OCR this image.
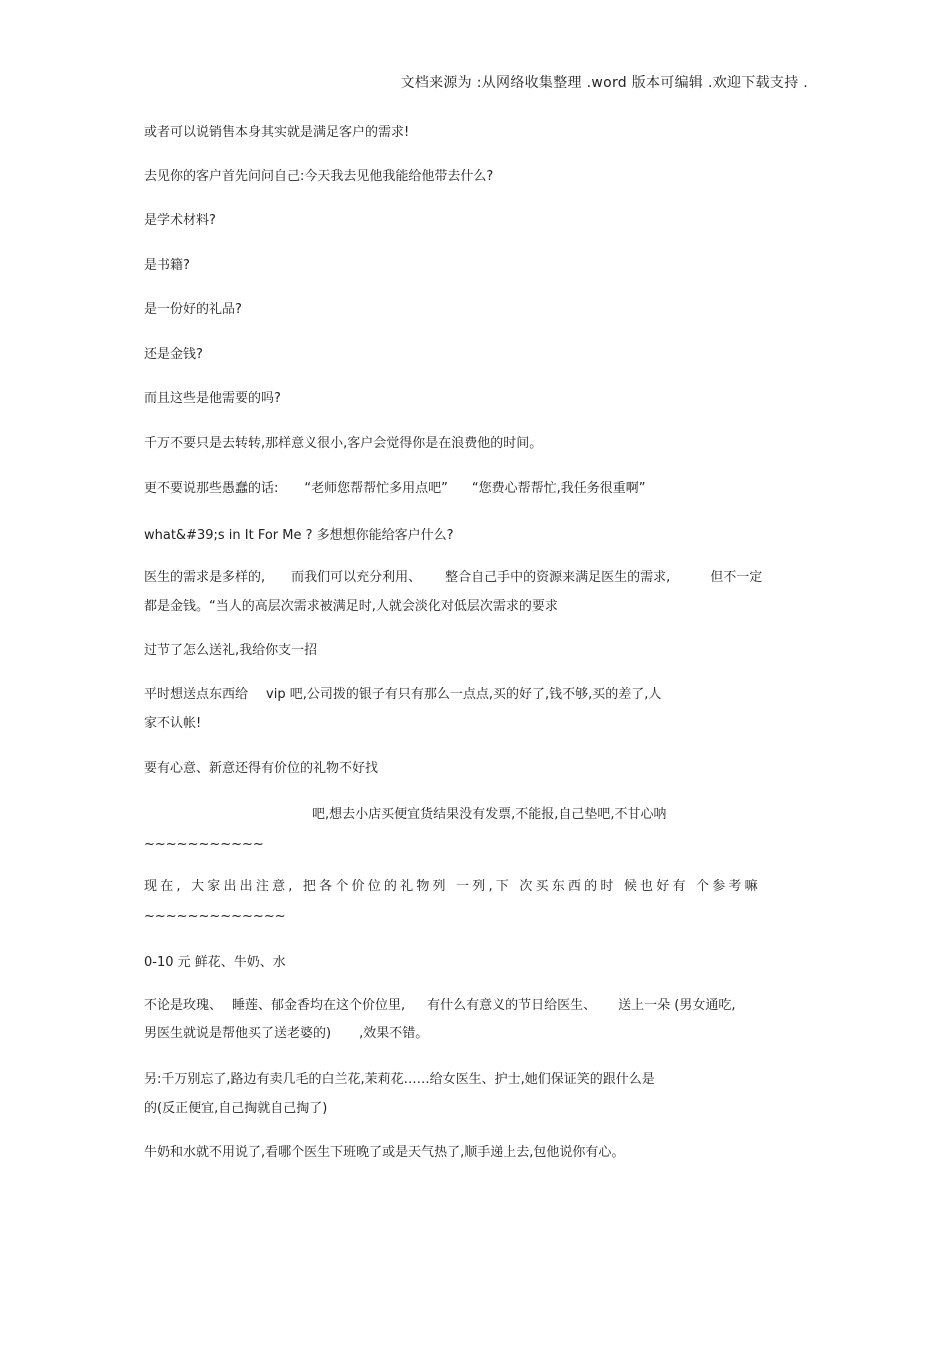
文档来源为 :从网络收集整理 .word 版本可编辑 .欢迎下载支持 .
或者可以说销售本身其实就是满足客户的需求!
去见你的客户首先问问自己:今天我去见他我能给他带去什么?
是学术材料?
是书籍?
是一份好的礼品?
还是金钱?
而且这些是他需要的吗?
千万不要只是去转转,那样意义很小,客户会觉得你是在浪费他的时间。
更不要说那些愚蠢的话: “老师您帮帮忙多用点吧” “您费心帮帮忙,我任务很重啊”
what&#39;s in It For Me ? 多想想你能给客户什么?
医生的需求是多样的, 而我们可以充分利用、 整合自己手中的资源来满足医生的需求,	但不一定
都是金钱。“当人的高层次需求被满足时,人就会淡化对低层次需求的要求
过节了怎么送礼,我给你支一招
平时想送点东西给 vip 吧,公司拨的银子有只有那么一点点,买的好了,钱不够,买的差了,人
家不认帐!
要有心意、新意还得有价位的礼物不好找
吧,想去小店买便宜货结果没有发票,不能报,自己垫吧,不甘心呐
~~~~~~~~~~~
现在, 大家出出注意, 把各个价位的礼物列 一列,下 次买东西的时 候也好有 个参考嘛
~~~~~~~~~~~~~
0-10 元 鲜花、牛奶、水
不论是玫瑰、 睡莲、郁金香均在这个价位里, 有什么有意义的节日给医生、 送上一朵 (男女通吃,
男医生就说是帮他买了送老婆的) ,效果不错。
另:千万别忘了,路边有卖几毛的白兰花,茉莉花……给女医生、护士,她们保证笑的跟什么是
的(反正便宜,自己掏就自己掏了)
牛奶和水就不用说了,看哪个医生下班晚了或是天气热了,顺手递上去,包他说你有心。
